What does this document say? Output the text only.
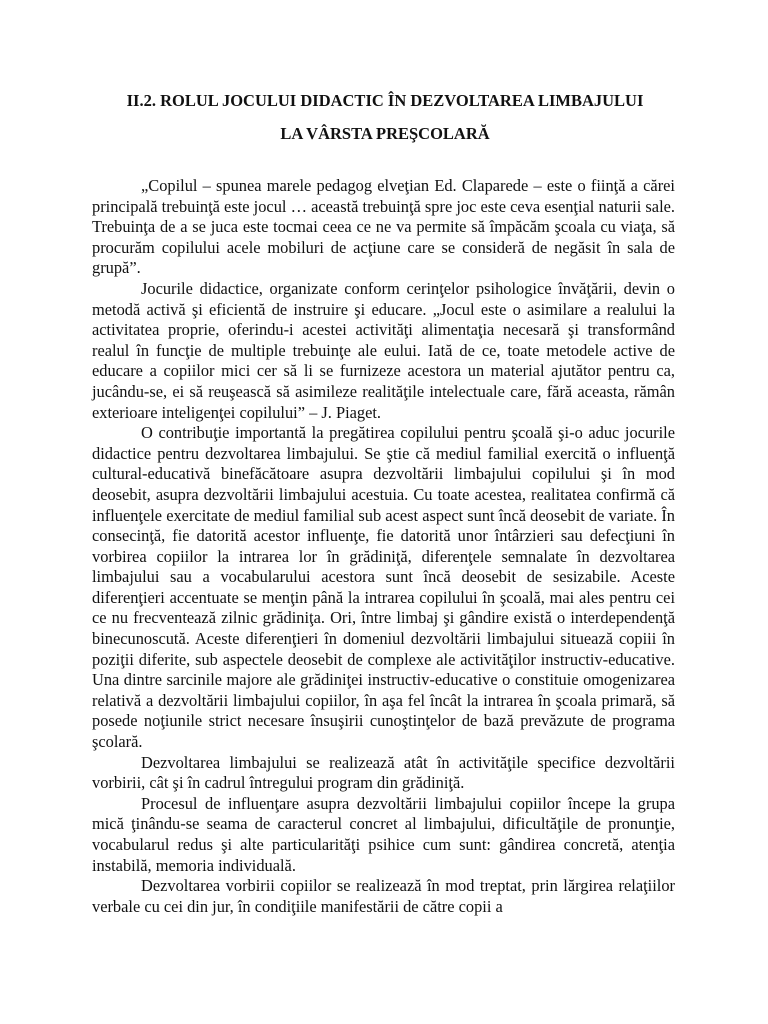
II.2. ROLUL JOCULUI DIDACTIC ÎN DEZVOLTAREA LIMBAJULUI
LA VÂRSTA PREŞCOLARĂ

„Copilul – spunea marele pedagog elveţian Ed. Claparede – este o fiinţă a cărei principală trebuinţă este jocul … această trebuinţă spre joc este ceva esenţial naturii sale. Trebuinţa de a se juca este tocmai ceea ce ne va permite să împăcăm şcoala cu viaţa, să procurăm copilului acele mobiluri de acţiune care se consideră de negăsit în sala de grupă”.

Jocurile didactice, organizate conform cerinţelor psihologice învăţării, devin o metodă activă şi eficientă de instruire şi educare. „Jocul este o asimilare a realului la activitatea proprie, oferindu-i acestei activităţi alimentaţia necesară şi transformând realul în funcţie de multiple trebuinţe ale eului. Iată de ce, toate metodele active de educare a copiilor mici cer să li se furnizeze acestora un material ajutător pentru ca, jucându-se, ei să reuşească să asimileze realităţile intelectuale care, fără aceasta, rămân exterioare inteligenţei copilului” – J. Piaget.

O contribuţie importantă la pregătirea copilului pentru şcoală şi-o aduc jocurile didactice pentru dezvoltarea limbajului. Se ştie că mediul familial exercită o influenţă cultural-educativă binefăcătoare asupra dezvoltării limbajului copilului şi în mod deosebit, asupra dezvoltării limbajului acestuia. Cu toate acestea, realitatea confirmă că influenţele exercitate de mediul familial sub acest aspect sunt încă deosebit de variate. În consecinţă, fie datorită acestor influenţe, fie datorită unor întârzieri sau defecţiuni în vorbirea copiilor la intrarea lor în grădiniţă, diferenţele semnalate în dezvoltarea limbajului sau a vocabularului acestora sunt încă deosebit de sesizabile. Aceste diferenţieri accentuate se menţin până la intrarea copilului în şcoală, mai ales pentru cei ce nu frecventează zilnic grădiniţa. Ori, între limbaj şi gândire există o interdependenţă binecunoscută. Aceste diferenţieri în domeniul dezvoltării limbajului situează copiii în poziţii diferite, sub aspectele deosebit de complexe ale activităţilor instructiv-educative. Una dintre sarcinile majore ale grădiniţei instructiv-educative o constituie omogenizarea relativă a dezvoltării limbajului copiilor, în aşa fel încât la intrarea în şcoala primară, să posede noţiunile strict necesare însuşirii cunoştinţelor de bază prevăzute de programa şcolară.

Dezvoltarea limbajului se realizează atât în activităţile specifice dezvoltării vorbirii, cât şi în cadrul întregului program din grădiniţă.

Procesul de influenţare asupra dezvoltării limbajului copiilor începe la grupa mică ţinându-se seama de caracterul concret al limbajului, dificultăţile de pronunţie, vocabularul redus şi alte particularităţi psihice cum sunt: gândirea concretă, atenţia instabilă, memoria individuală.

Dezvoltarea vorbirii copiilor se realizează în mod treptat, prin lărgirea relaţiilor verbale cu cei din jur, în condiţiile manifestării de către copii a
